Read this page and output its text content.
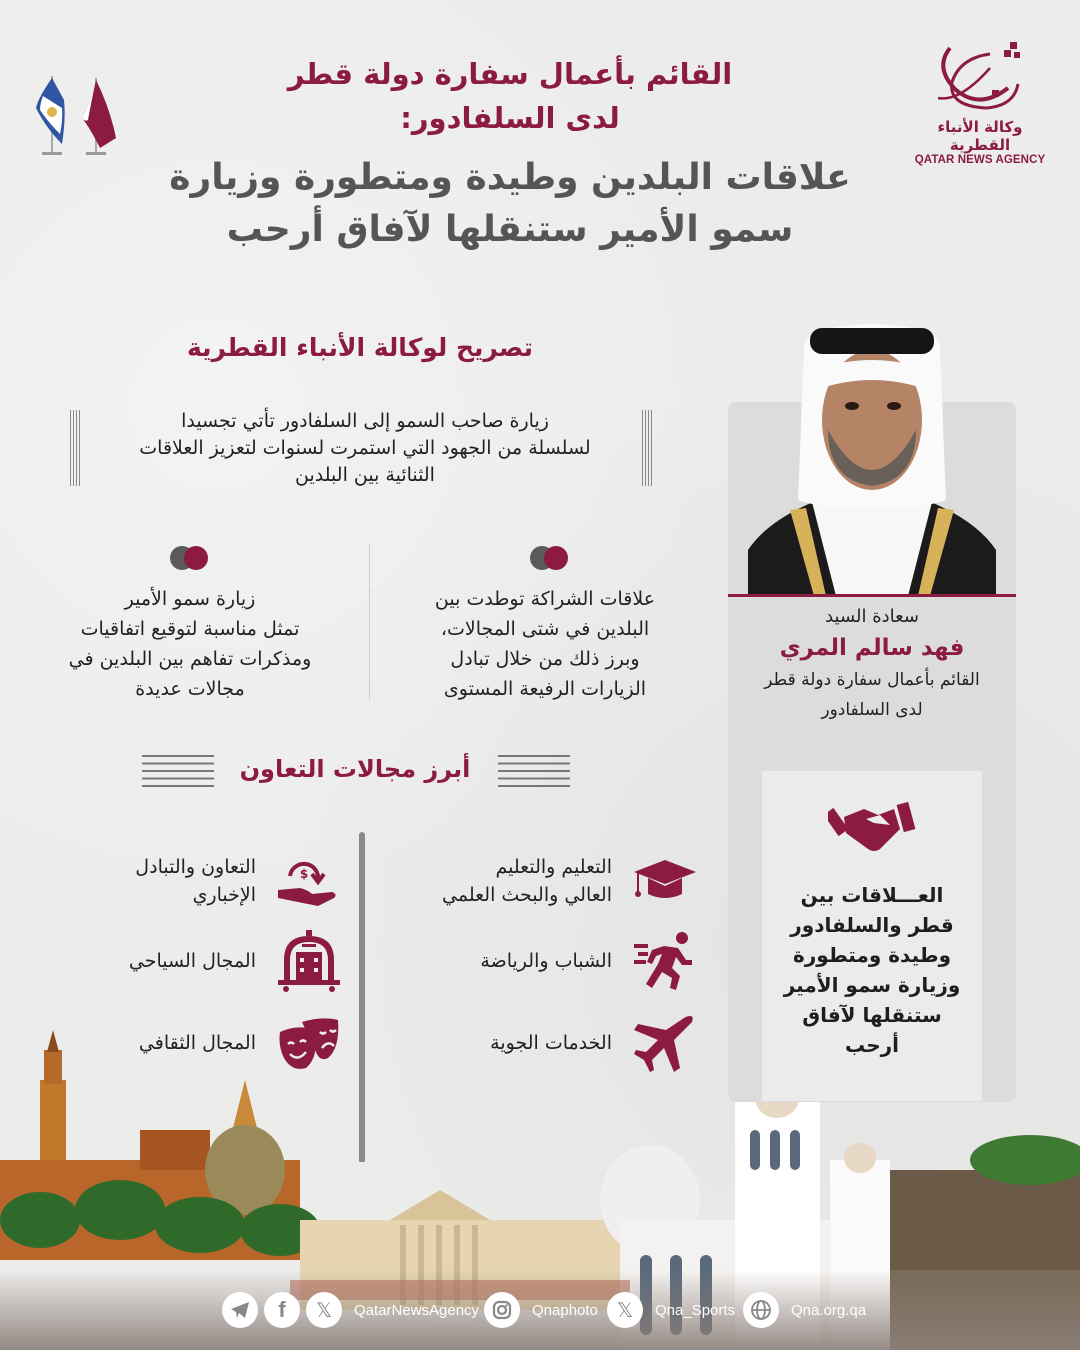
وكالة الأنباء القطرية
QATAR NEWS AGENCY
القائم بأعمال سفارة دولة قطر
لدى السلفادور:
علاقات البلدين وطيدة ومتطورة وزيارة
سمو الأمير ستنقلها لآفاق أرحب
سعادة السيد
فهد سالم المري
القائم بأعمال سفارة دولة قطر
لدى السلفادور
العـــلاقات بين
قطر والسلفادور
وطيدة ومتطورة
وزيارة سمو الأمير
ستنقلها لآفاق
أرحب
تصريح لوكالة الأنباء القطرية
زيارة صاحب السمو إلى السلفادور تأتي تجسيدا
لسلسلة من الجهود التي استمرت لسنوات لتعزيز العلاقات
الثنائية بين البلدين
علاقات الشراكة توطدت بين
البلدين في شتى المجالات،
وبرز ذلك من خلال تبادل
الزيارات الرفيعة المستوى
زيارة سمو الأمير
تمثل مناسبة لتوقيع اتفاقيات
ومذكرات تفاهم بين البلدين في
مجالات عديدة
أبرز مجالات التعاون
التعليم والتعليم
العالي والبحث العلمي
الشباب والرياضة
الخدمات الجوية
$
التعاون والتبادل
الإخباري
المجال السياحي
المجال الثقافي
f 𝕏 QatarNewsAgency	Qnaphoto 𝕏 Qna_Sports	Qna.org.qa
